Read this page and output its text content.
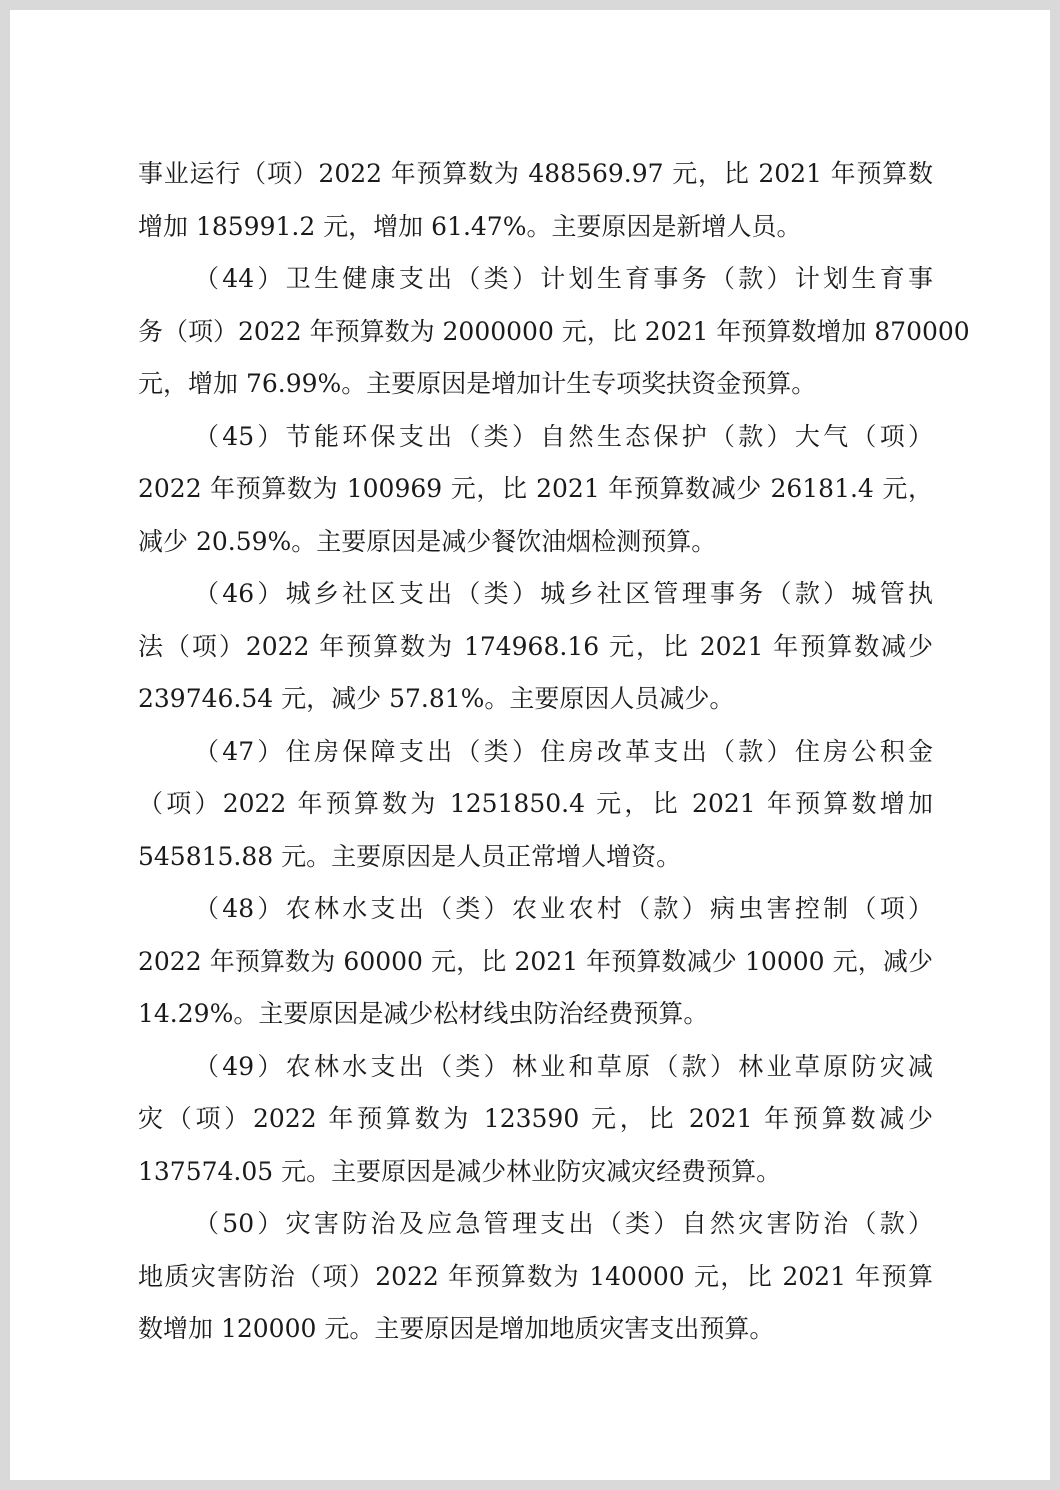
事业运行（项）2022 年预算数为 488569.97 元，比 2021 年预算数
增加 185991.2 元，增加 61.47%。主要原因是新增人员。
（44）卫生健康支出（类）计划生育事务（款）计划生育事
务（项）2022 年预算数为 2000000 元，比 2021 年预算数增加 870000
元，增加 76.99%。主要原因是增加计生专项奖扶资金预算。
（45）节能环保支出（类）自然生态保护（款）大气（项）
2022 年预算数为 100969 元，比 2021 年预算数减少 26181.4 元，
减少 20.59%。主要原因是减少餐饮油烟检测预算。
（46）城乡社区支出（类）城乡社区管理事务（款）城管执
法（项）2022 年预算数为 174968.16 元，比 2021 年预算数减少
239746.54 元，减少 57.81%。主要原因人员减少。
（47）住房保障支出（类）住房改革支出（款）住房公积金
（项）2022 年预算数为 1251850.4 元，比 2021 年预算数增加
545815.88 元。主要原因是人员正常增人增资。
（48）农林水支出（类）农业农村（款）病虫害控制（项）
2022 年预算数为 60000 元，比 2021 年预算数减少 10000 元，减少
14.29%。主要原因是减少松材线虫防治经费预算。
（49）农林水支出（类）林业和草原（款）林业草原防灾减
灾（项）2022 年预算数为 123590 元，比 2021 年预算数减少
137574.05 元。主要原因是减少林业防灾减灾经费预算。
（50）灾害防治及应急管理支出（类）自然灾害防治（款）
地质灾害防治（项）2022 年预算数为 140000 元，比 2021 年预算
数增加 120000 元。主要原因是增加地质灾害支出预算。
